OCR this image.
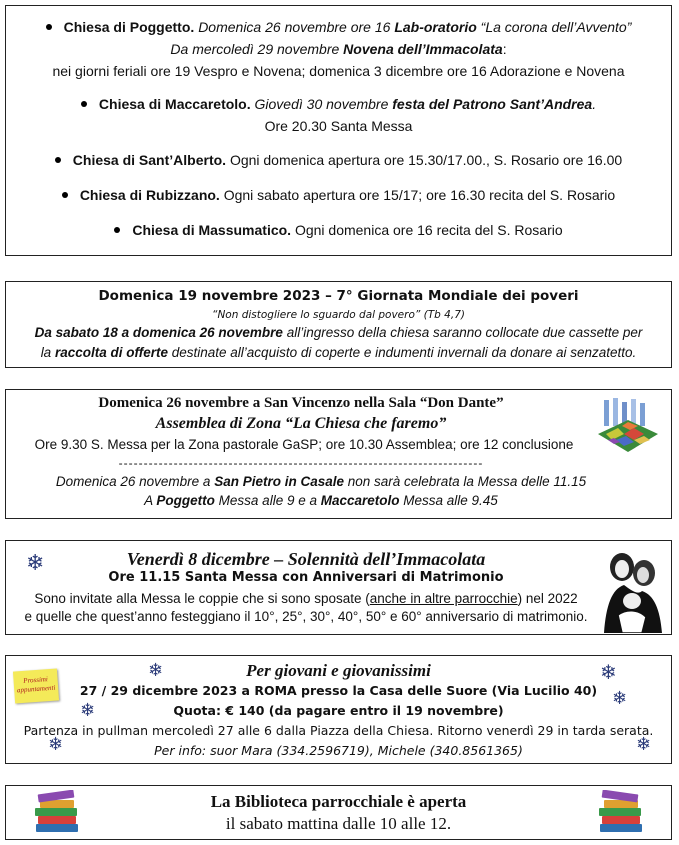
Chiesa di Poggetto. Domenica 26 novembre ore 16 Lab-oratorio “La corona dell’Avvento”
Da mercoledì 29 novembre Novena dell’Immacolata:
nei giorni feriali ore 19 Vespro e Novena; domenica 3 dicembre ore 16 Adorazione e Novena
Chiesa di Maccaretolo. Giovedì 30 novembre festa del Patrono Sant’Andrea.
Ore 20.30 Santa Messa
Chiesa di Sant’Alberto. Ogni domenica apertura ore 15.30/17.00., S. Rosario ore 16.00
Chiesa di Rubizzano. Ogni sabato apertura ore 15/17; ore 16.30 recita del S. Rosario
Chiesa di Massumatico. Ogni domenica ore 16 recita del S. Rosario
Domenica 19 novembre 2023 – 7° Giornata Mondiale dei poveri
“Non distogliere lo sguardo dal povero” (Tb 4,7)
Da sabato 18 a domenica 26 novembre all’ingresso della chiesa saranno collocate due cassette per
la raccolta di offerte destinate all’acquisto di coperte e indumenti invernali da donare ai senzatetto.
Domenica 26 novembre a San Vincenzo nella Sala “Don Dante”
Assemblea di Zona “La Chiesa che faremo”
Ore 9.30 S. Messa per la Zona pastorale GaSP; ore 10.30 Assemblea; ore 12 conclusione
-------------------------------------------------------------------------
Domenica 26 novembre a San Pietro in Casale non sarà celebrata la Messa delle 11.15
A Poggetto Messa alle 9 e a Maccaretolo Messa alle 9.45
❄	Venerdì 8 dicembre – Solennità dell’Immacolata
Ore 11.15 Santa Messa con Anniversari di Matrimonio
Sono invitate alla Messa le coppie che si sono sposate (anche in altre parrocchie) nel 2022
e quelle che quest’anno festeggiano il 10°, 25°, 30°, 40°, 50° e 60° anniversario di matrimonio.
Prossimi appuntamenti
❄
❄
❄
❄
❄
❄
Per giovani e giovanissimi
27 / 29 dicembre 2023 a ROMA presso la Casa delle Suore (Via Lucilio 40)
Quota: € 140 (da pagare entro il 19 novembre)
Partenza in pullman mercoledì 27 alle 6 dalla Piazza della Chiesa. Ritorno venerdì 29 in tarda serata.
Per info: suor Mara (334.2596719), Michele (340.8561365)
La Biblioteca parrocchiale è aperta
il sabato mattina dalle 10 alle 12.
